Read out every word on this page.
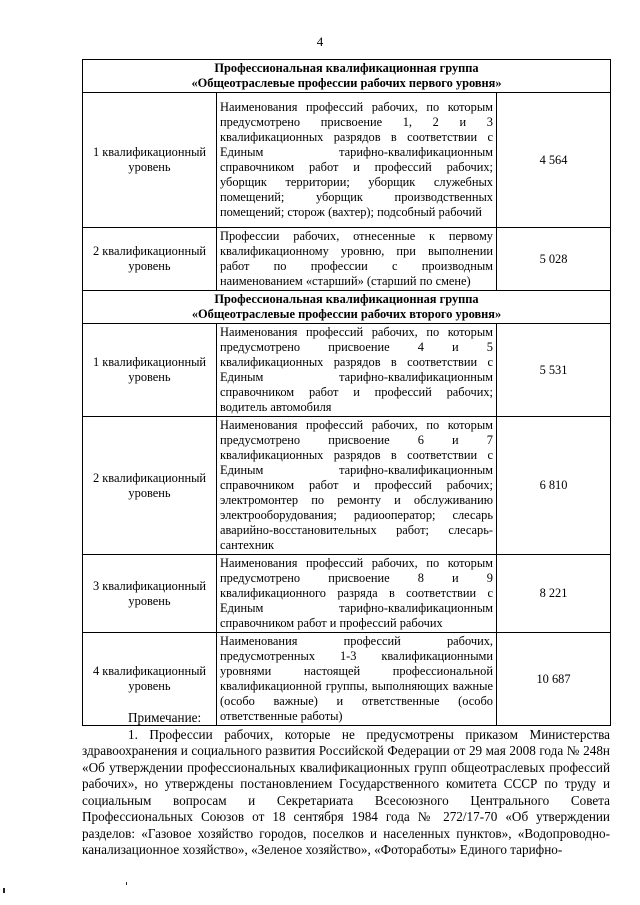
4
Профессиональная квалификационная группа
«Общеотраслевые профессии рабочих первого уровня»		

1 квалификационный уровень	Наименования профессий рабочих, по которым предусмотрено присвоение 1, 2 и 3 квалификационных разрядов в соответствии с Единым тарифно-квалификационным справочником работ и профессий рабочих; уборщик территории; уборщик служебных помещений; уборщик производственных помещений; сторож (вахтер); подсобный рабочий	4 564
2 квалификационный уровень	Профессии рабочих, отнесенные к первому квалификационному уровню, при выполнении работ по профессии с производным наименованием «старший» (старший по смене)	5 028

Профессиональная квалификационная группа
«Общеотраслевые профессии рабочих второго уровня»		

1 квалификационный уровень	Наименования профессий рабочих, по которым предусмотрено присвоение 4 и 5 квалификационных разрядов в соответствии с Единым тарифно-квалификационным справочником работ и профессий рабочих; водитель автомобиля	5 531
2 квалификационный уровень	Наименования профессий рабочих, по которым предусмотрено присвоение 6 и 7 квалификационных разрядов в соответствии с Единым тарифно-квалификационным справочником работ и профессий рабочих; электромонтер по ремонту и обслуживанию электрооборудования; радиооператор; слесарь аварийно-восстановительных работ; слесарь-сантехник	6 810
3 квалификационный уровень	Наименования профессий рабочих, по которым предусмотрено присвоение 8 и 9 квалификационного разряда в соответствии с Единым тарифно-квалификационным справочником работ и профессий рабочих	8 221
4 квалификационный уровень	Наименования профессий рабочих, предусмотренных 1-3 квалификационными уровнями настоящей профессиональной квалификационной группы, выполняющих важные (особо важные) и ответственные (особо ответственные работы)	10 687
Примечание:

1. Профессии рабочих, которые не предусмотрены приказом Министерства здравоохранения и социального развития Российской Федерации от 29 мая 2008 года № 248н «Об утверждении профессиональных квалификационных групп общеотраслевых профессий рабочих», но утверждены постановлением Государственного комитета СССР по труду и социальным вопросам и Секретариата Всесоюзного Центрального Совета Профессиональных Союзов от 18 сентября 1984 года № 272/17-70 «Об утверждении разделов: «Газовое хозяйство городов, поселков и населенных пунктов», «Водопроводно-канализационное хозяйство», «Зеленое хозяйство», «Фотоработы» Единого тарифно-
